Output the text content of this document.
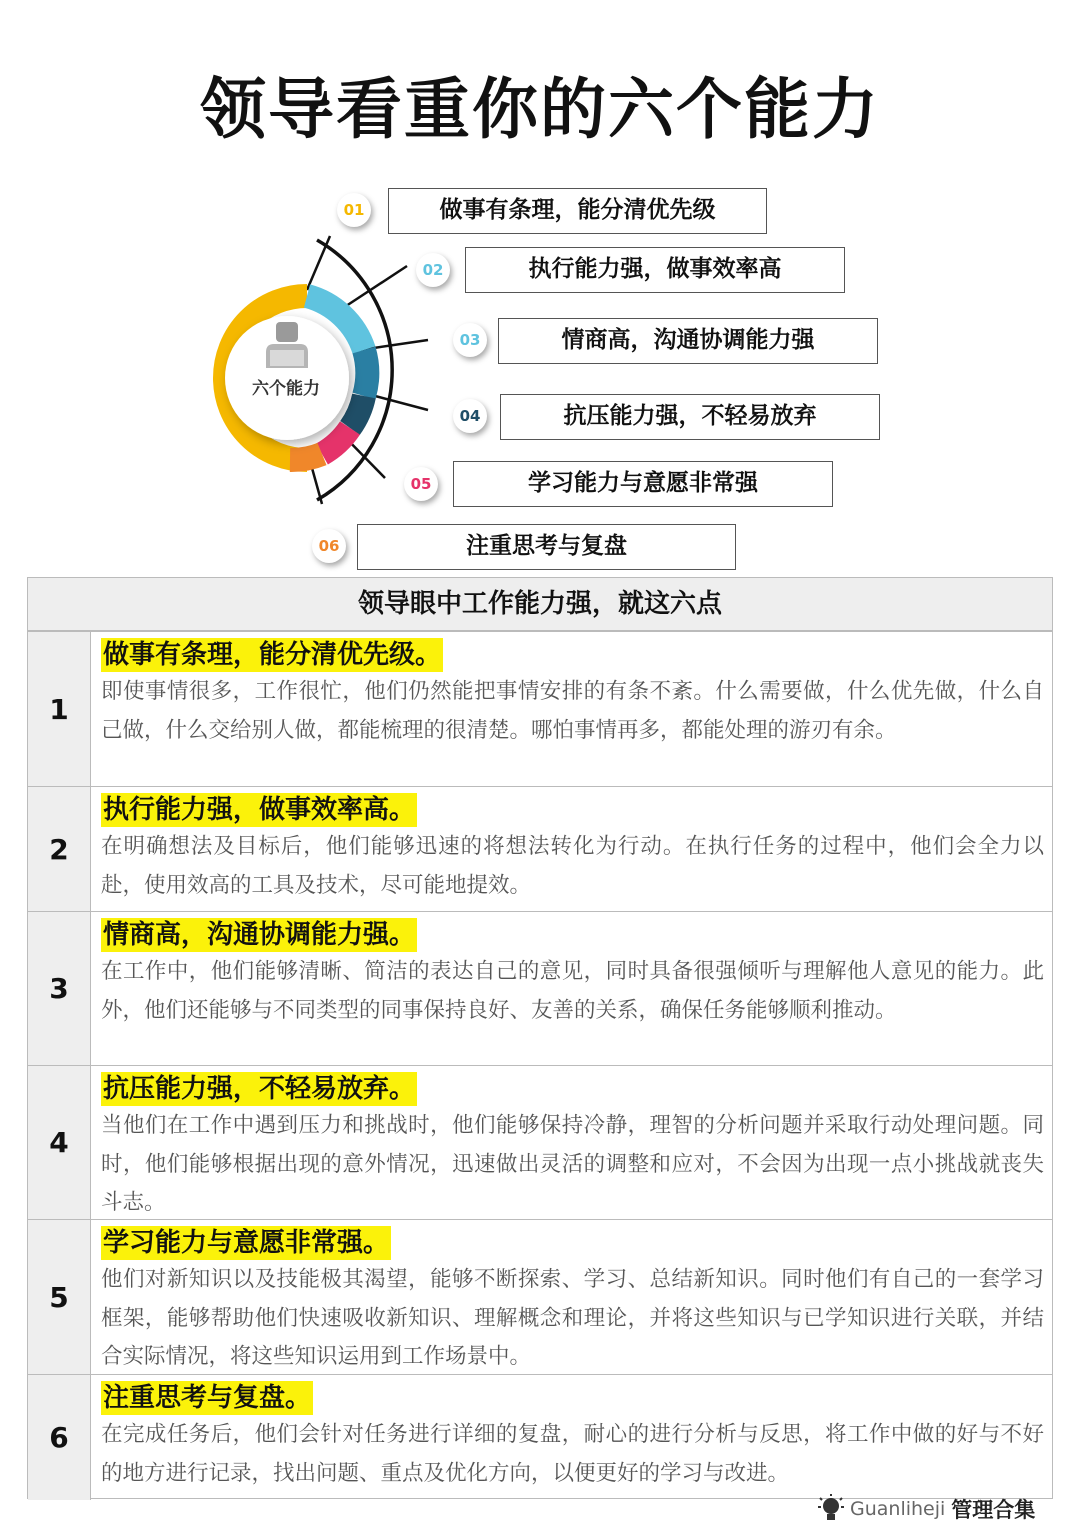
领导看重你的六个能力
六个能力
01
02
03
04
05
06
做事有条理，能分清优先级
执行能力强，做事效率高
情商高，沟通协调能力强
抗压能力强，不轻易放弃
学习能力与意愿非常强
注重思考与复盘
领导眼中工作能力强，就这六点
1
做事有条理，能分清优先级。
即使事情很多，工作很忙，他们仍然能把事情安排的有条不紊。什么需要做，什么优先做，什么自己做，什么交给别人做，都能梳理的很清楚。哪怕事情再多，都能处理的游刃有余。
2
执行能力强，做事效率高。
在明确想法及目标后，他们能够迅速的将想法转化为行动。在执行任务的过程中，他们会全力以赴，使用效高的工具及技术，尽可能地提效。
3
情商高，沟通协调能力强。
在工作中，他们能够清晰、简洁的表达自己的意见，同时具备很强倾听与理解他人意见的能力。此外，他们还能够与不同类型的同事保持良好、友善的关系，确保任务能够顺利推动。
4
抗压能力强，不轻易放弃。
当他们在工作中遇到压力和挑战时，他们能够保持冷静，理智的分析问题并采取行动处理问题。同时，他们能够根据出现的意外情况，迅速做出灵活的调整和应对，不会因为出现一点小挑战就丧失斗志。
5
学习能力与意愿非常强。
他们对新知识以及技能极其渴望，能够不断探索、学习、总结新知识。同时他们有自己的一套学习框架，能够帮助他们快速吸收新知识、理解概念和理论，并将这些知识与已学知识进行关联，并结合实际情况，将这些知识运用到工作场景中。
6
注重思考与复盘。
在完成任务后，他们会针对任务进行详细的复盘，耐心的进行分析与反思，将工作中做的好与不好的地方进行记录，找出问题、重点及优化方向，以便更好的学习与改进。
Guanliheji 管理合集
